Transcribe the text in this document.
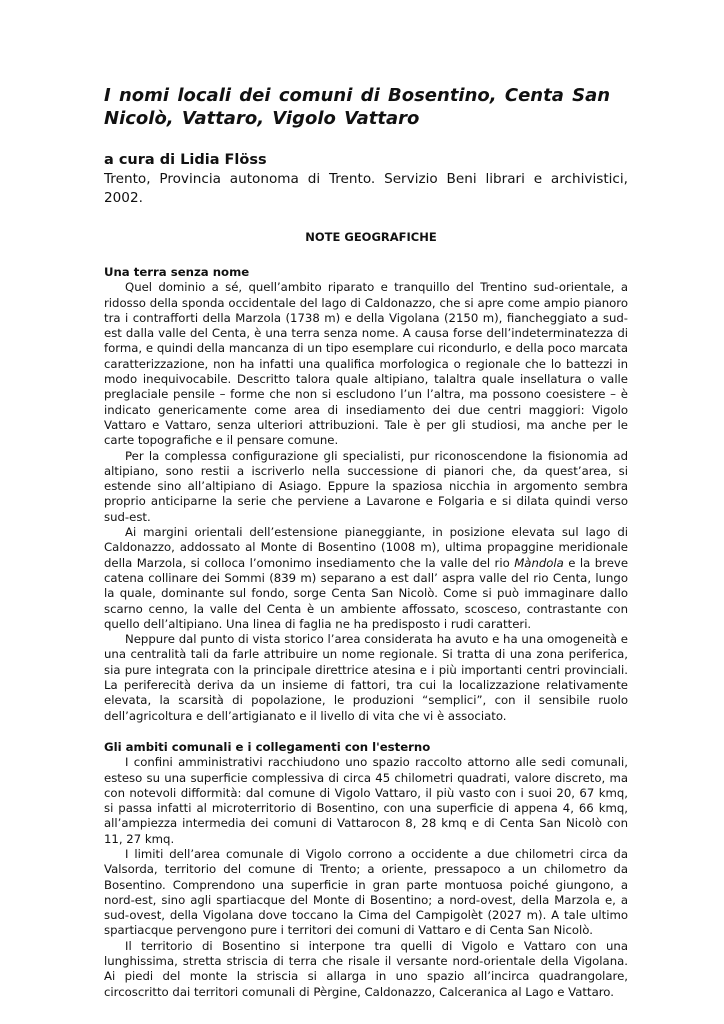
I nomi locali dei comuni di Bosentino, Centa San
Nicolò, Vattaro, Vigolo Vattaro
a cura di Lidia Flöss
Trento, Provincia autonoma di Trento. Servizio Beni librari e archivistici, 2002.
NOTE GEOGRAFICHE
Una terra senza nome

Quel dominio a sé, quell’ambito riparato e tranquillo del Trentino sud-orientale, a ridosso della sponda occidentale del lago di Caldonazzo, che si apre come ampio pianoro tra i contrafforti della Marzola (1738 m) e della Vigolana (2150 m), fiancheggiato a sud-est dalla valle del Centa, è una terra senza nome. A causa forse dell’indeterminatezza di forma, e quindi della mancanza di un tipo esemplare cui ricondurlo, e della poco marcata caratterizzazione, non ha infatti una qualifica morfologica o regionale che lo battezzi in modo inequivocabile. Descritto talora quale altipiano, talaltra quale insellatura o valle preglaciale pensile – forme che non si escludono l’un l’altra, ma possono coesistere – è indicato genericamente come area di insediamento dei due centri maggiori: Vigolo Vattaro e Vattaro, senza ulteriori attribuzioni. Tale è per gli studiosi, ma anche per le carte topografiche e il pensare comune.

Per la complessa configurazione gli specialisti, pur riconoscendone la fisionomia ad altipiano, sono restii a iscriverlo nella successione di pianori che, da quest’area, si estende sino all’altipiano di Asiago. Eppure la spaziosa nicchia in argomento sembra proprio anticiparne la serie che perviene a Lavarone e Folgaria e si dilata quindi verso sud-est.

Ai margini orientali dell’estensione pianeggiante, in posizione elevata sul lago di Caldonazzo, addossato al Monte di Bosentino (1008 m), ultima propaggine meridionale della Marzola, si colloca l’omonimo insediamento che la valle del rio Màndola e la breve catena collinare dei Sommi (839 m) separano a est dall’ aspra valle del rio Centa, lungo la quale, dominante sul fondo, sorge Centa San Nicolò. Come si può immaginare dallo scarno cenno, la valle del Centa è un ambiente affossato, scosceso, contrastante con quello dell’altipiano. Una linea di faglia ne ha predisposto i rudi caratteri.

Neppure dal punto di vista storico l’area considerata ha avuto e ha una omogeneità e una centralità tali da farle attribuire un nome regionale. Si tratta di una zona periferica, sia pure integrata con la principale direttrice atesina e i più importanti centri provinciali. La periferecità deriva da un insieme di fattori, tra cui la localizzazione relativamente elevata, la scarsità di popolazione, le produzioni “semplici”, con il sensibile ruolo dell’agricoltura e dell’artigianato e il livello di vita che vi è associato.

Gli ambiti comunali e i collegamenti con l'esterno

I confini amministrativi racchiudono uno spazio raccolto attorno alle sedi comunali, esteso su una superficie complessiva di circa 45 chilometri quadrati, valore discreto, ma con notevoli difformità: dal comune di Vigolo Vattaro, il più vasto con i suoi 20, 67 kmq, si passa infatti al microterritorio di Bosentino, con una superficie di appena 4, 66 kmq, all’ampiezza intermedia dei comuni di Vattarocon 8, 28 kmq e di Centa San Nicolò con 11, 27 kmq.

I limiti dell’area comunale di Vigolo corrono a occidente a due chilometri circa da Valsorda, territorio del comune di Trento; a oriente, pressapoco a un chilometro da Bosentino. Comprendono una superficie in gran parte montuosa poiché giungono, a nord-est, sino agli spartiacque del Monte di Bosentino; a nord-ovest, della Marzola e, a sud-ovest, della Vigolana dove toccano la Cima del Campigolèt (2027 m). A tale ultimo spartiacque pervengono pure i territori dei comuni di Vattaro e di Centa San Nicolò.

Il territorio di Bosentino si interpone tra quelli di Vigolo e Vattaro con una lunghissima, stretta striscia di terra che risale il versante nord-orientale della Vigolana. Ai piedi del monte la striscia si allarga in uno spazio all’incirca quadrangolare, circoscritto dai territori comunali di Pèrgine, Caldonazzo, Calceranica al Lago e Vattaro.
